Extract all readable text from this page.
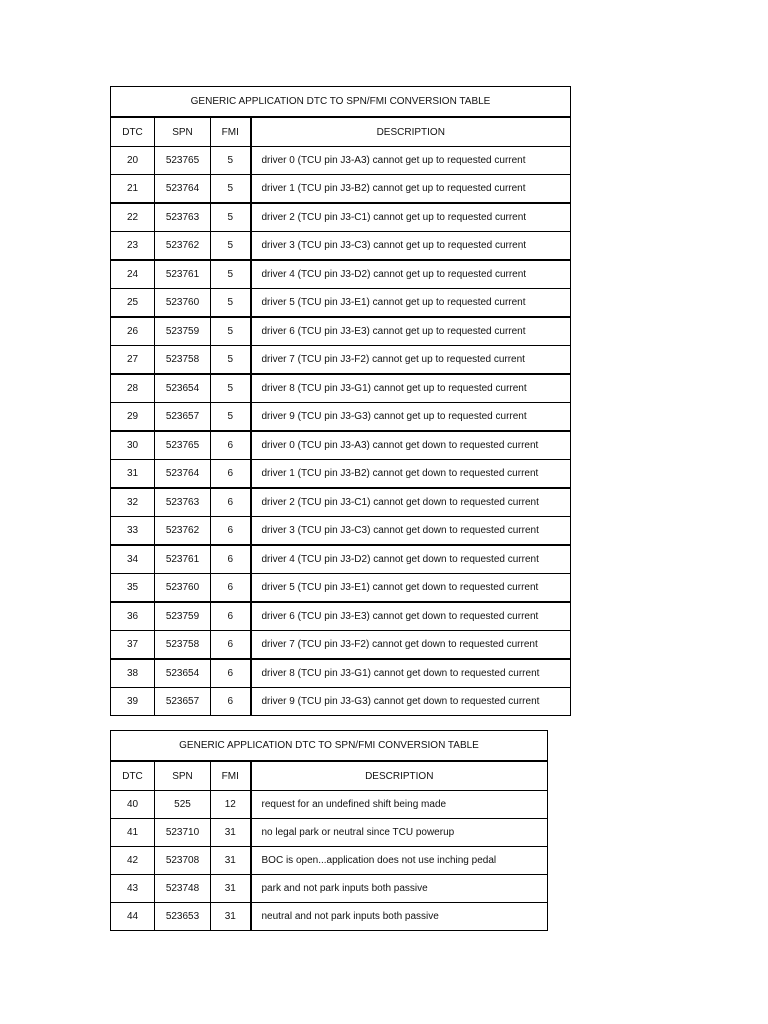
GENERIC APPLICATION DTC TO SPN/FMI CONVERSION TABLE			
DTC	SPN	FMI	DESCRIPTION
20	523765	5	driver 0 (TCU pin J3-A3) cannot get up to requested current
21	523764	5	driver 1 (TCU pin J3-B2) cannot get up to requested current
22	523763	5	driver 2 (TCU pin J3-C1) cannot get up to requested current
23	523762	5	driver 3 (TCU pin J3-C3) cannot get up to requested current
24	523761	5	driver 4 (TCU pin J3-D2) cannot get up to requested current
25	523760	5	driver 5 (TCU pin J3-E1) cannot get up to requested current
26	523759	5	driver 6 (TCU pin J3-E3) cannot get up to requested current
27	523758	5	driver 7 (TCU pin J3-F2) cannot get up to requested current
28	523654	5	driver 8 (TCU pin J3-G1) cannot get up to requested current
29	523657	5	driver 9 (TCU pin J3-G3) cannot get up to requested current
30	523765	6	driver 0 (TCU pin J3-A3) cannot get down to requested current
31	523764	6	driver 1 (TCU pin J3-B2) cannot get down to requested current
32	523763	6	driver 2 (TCU pin J3-C1) cannot get down to requested current
33	523762	6	driver 3 (TCU pin J3-C3) cannot get down to requested current
34	523761	6	driver 4 (TCU pin J3-D2) cannot get down to requested current
35	523760	6	driver 5 (TCU pin J3-E1) cannot get down to requested current
36	523759	6	driver 6 (TCU pin J3-E3) cannot get down to requested current
37	523758	6	driver 7 (TCU pin J3-F2) cannot get down to requested current
38	523654	6	driver 8 (TCU pin J3-G1) cannot get down to requested current
39	523657	6	driver 9 (TCU pin J3-G3) cannot get down to requested current
GENERIC APPLICATION DTC TO SPN/FMI CONVERSION TABLE			
DTC	SPN	FMI	DESCRIPTION
40	525	12	request for an undefined shift being made
41	523710	31	no legal park or neutral since TCU powerup
42	523708	31	BOC is open...application does not use inching pedal
43	523748	31	park and not park inputs both passive
44	523653	31	neutral and not park inputs both passive
